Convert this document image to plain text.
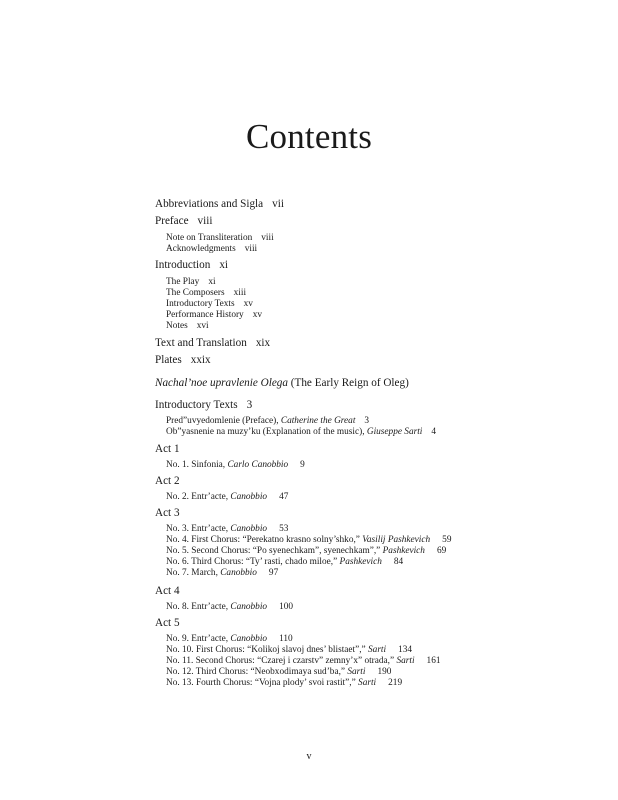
Contents
Abbreviations and Sigla vii
Preface viii
Note on Transliteration viii
Acknowledgments viii
Introduction xi
The Play xi
The Composers xiii
Introductory Texts xv
Performance History xv
Notes xvi
Text and Translation xix
Plates xxix
Nachal’noe upravlenie Olega (The Early Reign of Oleg)
Introductory Texts 3
Pred”uvyedomlenie (Preface), Catherine the Great 3
Ob”yasnenie na muzy’ku (Explanation of the music), Giuseppe Sarti 4
Act 1
No. 1. Sinfonia, Carlo Canobbio 9
Act 2
No. 2. Entr’acte, Canobbio 47
Act 3
No. 3. Entr’acte, Canobbio 53
No. 4. First Chorus: “Perekatno krasno solny’shko,” Vasilij Pashkevich 59
No. 5. Second Chorus: “Po syenechkam”, syenechkam”,” Pashkevich 69
No. 6. Third Chorus: “Ty’ rasti, chado miloe,” Pashkevich 84
No. 7. March, Canobbio 97
Act 4
No. 8. Entr’acte, Canobbio 100
Act 5
No. 9. Entr’acte, Canobbio 110
No. 10. First Chorus: “Kolikoj slavoj dnes’ blistaet”,” Sarti 134
No. 11. Second Chorus: “Czarej i czarstv” zemny’x” otrada,” Sarti 161
No. 12. Third Chorus: “Neobxodimaya sud’ba,” Sarti 190
No. 13. Fourth Chorus: “Vojna plody’ svoi rastit”,” Sarti 219
v
